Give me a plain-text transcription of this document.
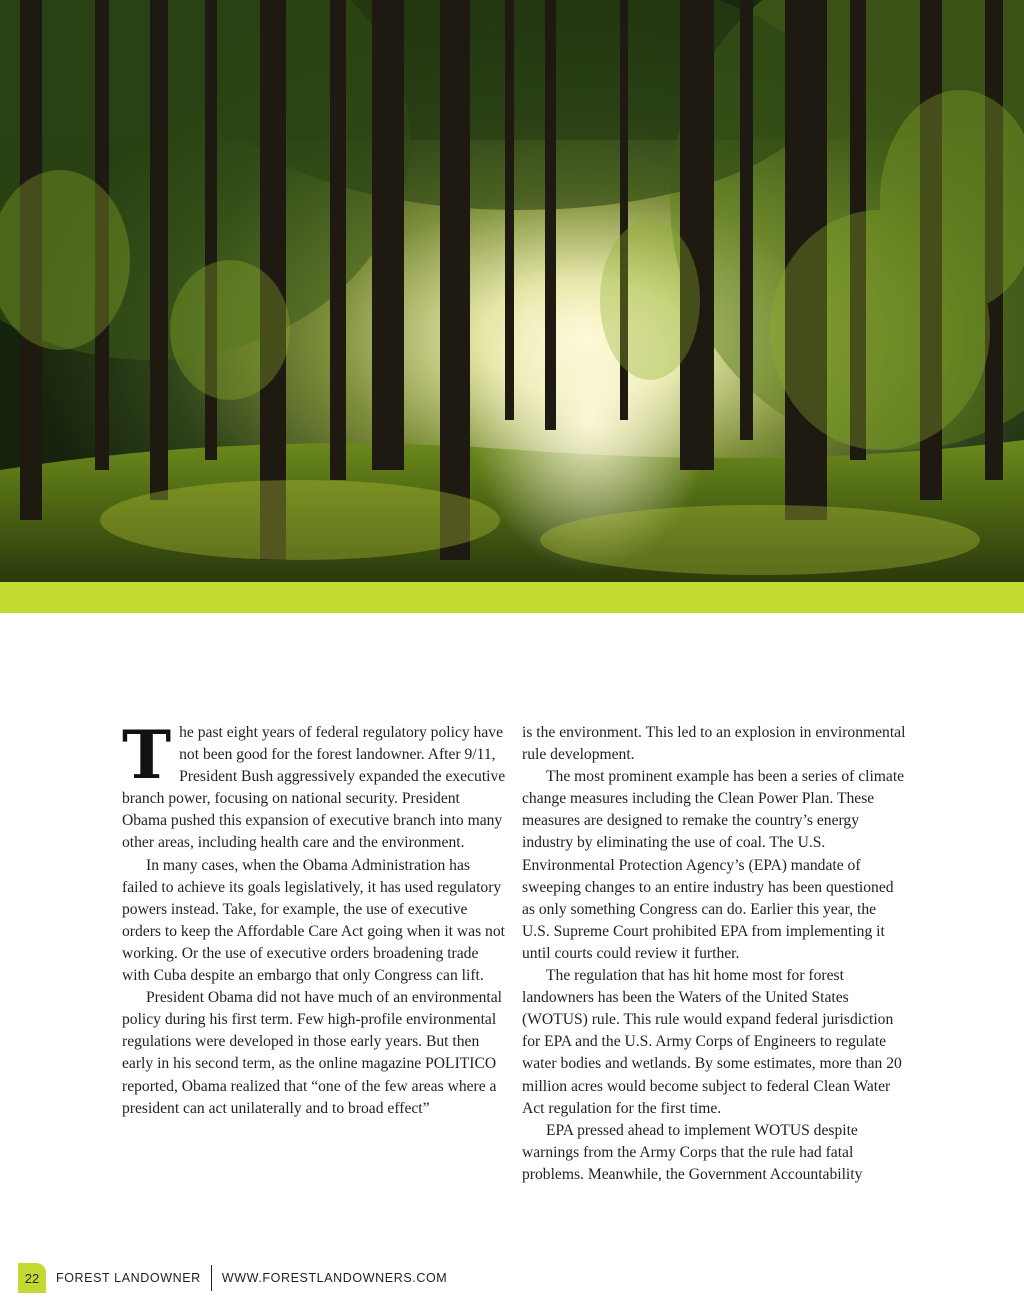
The past eight years of federal regulatory policy have not been good for the forest landowner. After 9/11, President Bush aggressively expanded the executive branch power, focusing on national security. President Obama pushed this expansion of executive branch into many other areas, including health care and the environment.

In many cases, when the Obama Administration has failed to achieve its goals legislatively, it has used regulatory powers instead. Take, for example, the use of executive orders to keep the Affordable Care Act going when it was not working. Or the use of executive orders broadening trade with Cuba despite an embargo that only Congress can lift.

President Obama did not have much of an environmental policy during his first term. Few high-profile environmental regulations were developed in those early years. But then early in his second term, as the online magazine POLITICO reported, Obama realized that “one of the few areas where a president can act unilaterally and to broad effect”

is the environment. This led to an explosion in environmental rule development.

The most prominent example has been a series of climate change measures including the Clean Power Plan. These measures are designed to remake the country’s energy industry by eliminating the use of coal. The U.S. Environmental Protection Agency’s (EPA) mandate of sweeping changes to an entire industry has been questioned as only something Congress can do. Earlier this year, the U.S. Supreme Court prohibited EPA from implementing it until courts could review it further.

The regulation that has hit home most for forest landowners has been the Waters of the United States (WOTUS) rule. This rule would expand federal jurisdiction for EPA and the U.S. Army Corps of Engineers to regulate water bodies and wetlands. By some estimates, more than 20 million acres would become subject to federal Clean Water Act regulation for the first time.

EPA pressed ahead to implement WOTUS despite warnings from the Army Corps that the rule had fatal problems. Meanwhile, the Government Accountability

22	FOREST LANDOWNER WWW.FORESTLANDOWNERS.COM
